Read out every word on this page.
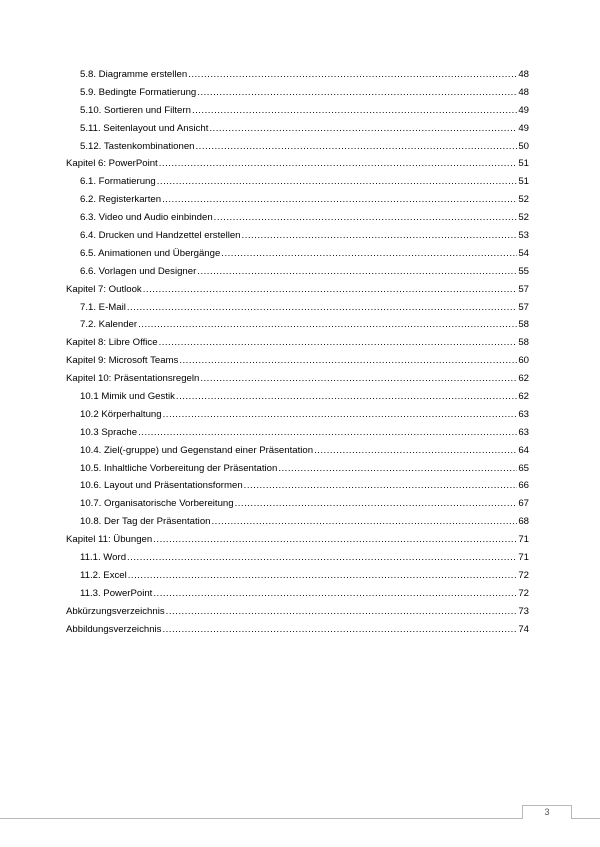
5.8. Diagramme erstellen .....	48
5.9. Bedingte Formatierung .....	48
5.10. Sortieren und Filtern .....	49
5.11. Seitenlayout und Ansicht .....	49
5.12. Tastenkombinationen .....	50
Kapitel 6: PowerPoint .....	51
6.1. Formatierung .....	51
6.2. Registerkarten .....	52
6.3. Video und Audio einbinden .....	52
6.4. Drucken und Handzettel erstellen .....	53
6.5. Animationen und Übergänge .....	54
6.6. Vorlagen und Designer .....	55
Kapitel 7: Outlook .....	57
7.1. E-Mail .....	57
7.2. Kalender .....	58
Kapitel 8: Libre Office .....	58
Kapitel 9: Microsoft Teams .....	60
Kapitel 10: Präsentationsregeln .....	62
10.1 Mimik und Gestik .....	62
10.2 Körperhaltung .....	63
10.3 Sprache .....	63
10.4. Ziel(-gruppe) und Gegenstand einer Präsentation .....	64
10.5. Inhaltliche Vorbereitung der Präsentation .....	65
10.6. Layout und Präsentationsformen .....	66
10.7. Organisatorische Vorbereitung .....	67
10.8. Der Tag der Präsentation .....	68
Kapitel 11: Übungen .....	71
11.1. Word .....	71
11.2. Excel .....	72
11.3. PowerPoint .....	72
Abkürzungsverzeichnis .....	73
Abbildungsverzeichnis .....	74
3
